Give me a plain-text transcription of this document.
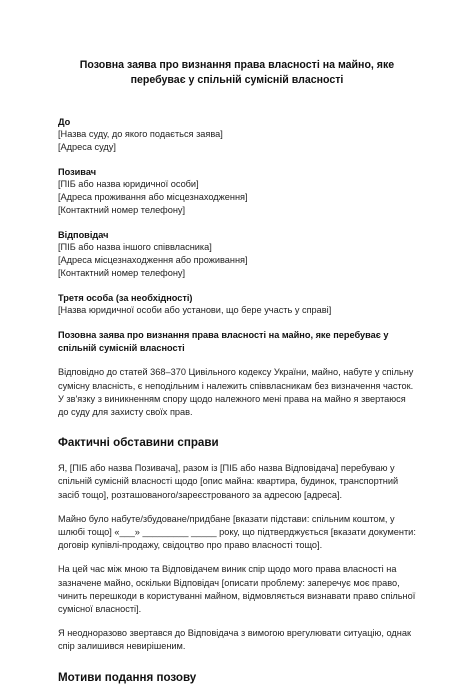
Позовна заява про визнання права власності на майно, яке перебуває у спільній сумісній власності
До
[Назва суду, до якого подається заява]
[Адреса суду]
Позивач
[ПІБ або назва юридичної особи]
[Адреса проживання або місцезнаходження]
[Контактний номер телефону]
Відповідач
[ПІБ або назва іншого співвласника]
[Адреса місцезнаходження або проживання]
[Контактний номер телефону]
Третя особа (за необхідності)
[Назва юридичної особи або установи, що бере участь у справі]

Позовна заява про визнання права власності на майно, яке перебуває у спільній сумісній власності

Відповідно до статей 368–370 Цивільного кодексу України, майно, набуте у спільну сумісну власність, є неподільним і належить співвласникам без визначення часток. У зв'язку з виникненням спору щодо належного мені права на майно я звертаюся до суду для захисту своїх прав.

Фактичні обставини справи

Я, [ПІБ або назва Позивача], разом із [ПІБ або назва Відповідача] перебуваю у спільній сумісній власності щодо [опис майна: квартира, будинок, транспортний засіб тощо], розташованого/зареєстрованого за адресою [адреса].

Майно було набуте/збудоване/придбане [вказати підстави: спільним коштом, у шлюбі тощо] «___» _________ _____ року, що підтверджується [вказати документи: договір купівлі-продажу, свідоцтво про право власності тощо].

На цей час між мною та Відповідачем виник спір щодо мого права власності на зазначене майно, оскільки Відповідач [описати проблему: заперечує моє право, чинить перешкоди в користуванні майном, відмовляється визнавати право спільної сумісної власності].

Я неодноразово звертався до Відповідача з вимогою врегулювати ситуацію, однак спір залишився невирішеним.

Мотиви подання позову
